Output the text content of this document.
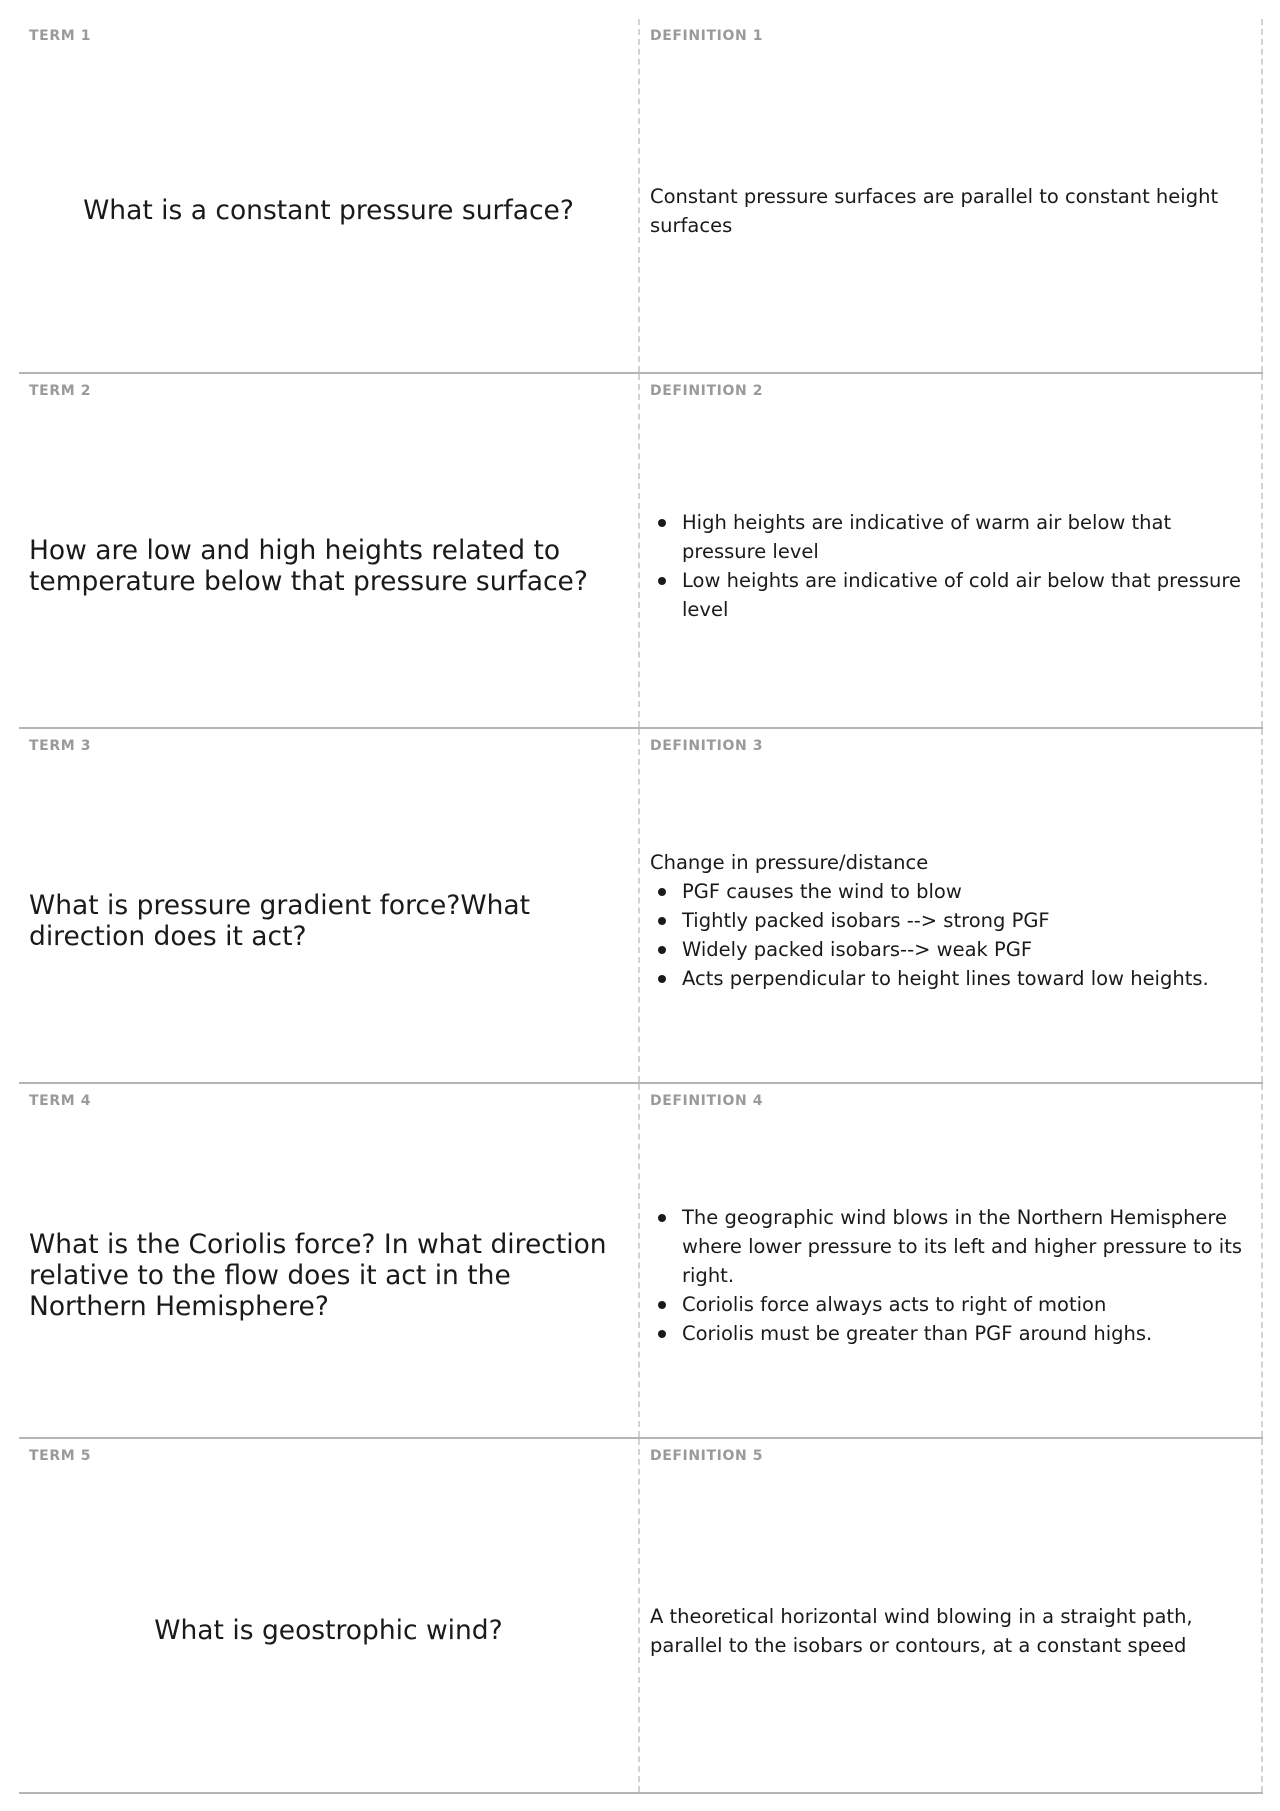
TERM 1
What is a constant pressure surface?
DEFINITION 1
Constant pressure surfaces are parallel to constant height surfaces
TERM 2
How are low and high heights related to temperature below that pressure surface?
DEFINITION 2
High heights are indicative of warm air below that pressure level
Low heights are indicative of cold air below that pressure level
TERM 3
What is pressure gradient force?What direction does it act?
DEFINITION 3
Change in pressure/distance
PGF causes the wind to blow
Tightly packed isobars --> strong PGF
Widely packed isobars--> weak PGF
Acts perpendicular to height lines toward low heights.
TERM 4
What is the Coriolis force? In what direction relative to the flow does it act in the Northern Hemisphere?
DEFINITION 4
The geographic wind blows in the Northern Hemisphere where lower pressure to its left and higher pressure to its right.
Coriolis force always acts to right of motion
Coriolis must be greater than PGF around highs.
TERM 5
What is geostrophic wind?
DEFINITION 5
A theoretical horizontal wind blowing in a straight path, parallel to the isobars or contours, at a constant speed
